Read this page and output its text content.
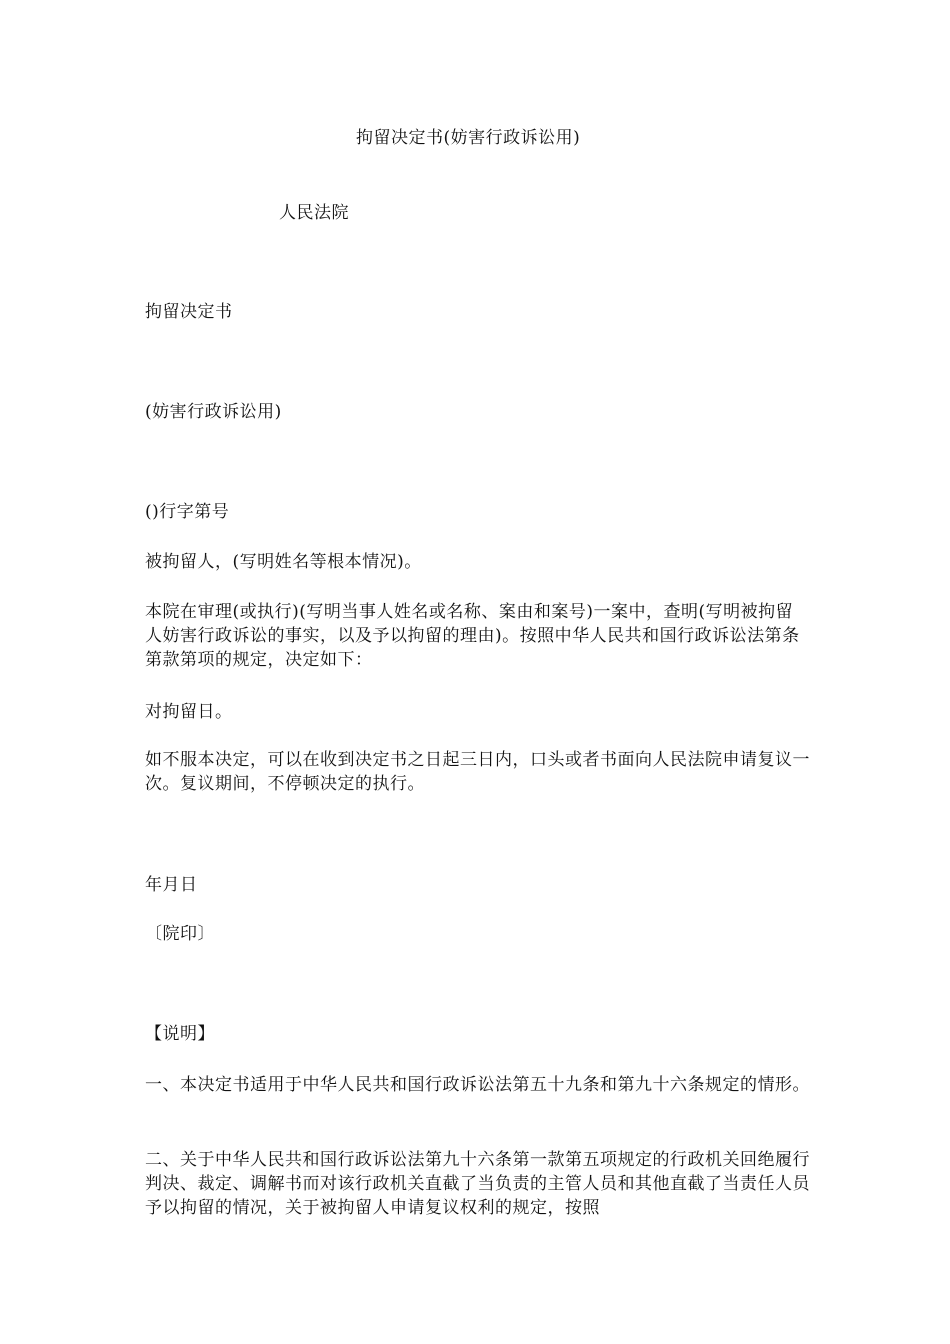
拘留决定书(妨害行政诉讼用)
人民法院
拘留决定书
(妨害行政诉讼用)
()行字第号
被拘留人，(写明姓名等根本情况)。
本院在审理(或执行)(写明当事人姓名或名称、案由和案号)一案中，查明(写明被拘留人妨害行政诉讼的事实，以及予以拘留的理由)。按照中华人民共和国行政诉讼法第条第款第项的规定，决定如下：
对拘留日。
如不服本决定，可以在收到决定书之日起三日内，口头或者书面向人民法院申请复议一次。复议期间，不停顿决定的执行。
年月日
〔院印〕
【说明】
一、本决定书适用于中华人民共和国行政诉讼法第五十九条和第九十六条规定的情形。
二、关于中华人民共和国行政诉讼法第九十六条第一款第五项规定的行政机关回绝履行判决、裁定、调解书而对该行政机关直截了当负责的主管人员和其他直截了当责任人员予以拘留的情况，关于被拘留人申请复议权利的规定，按照
